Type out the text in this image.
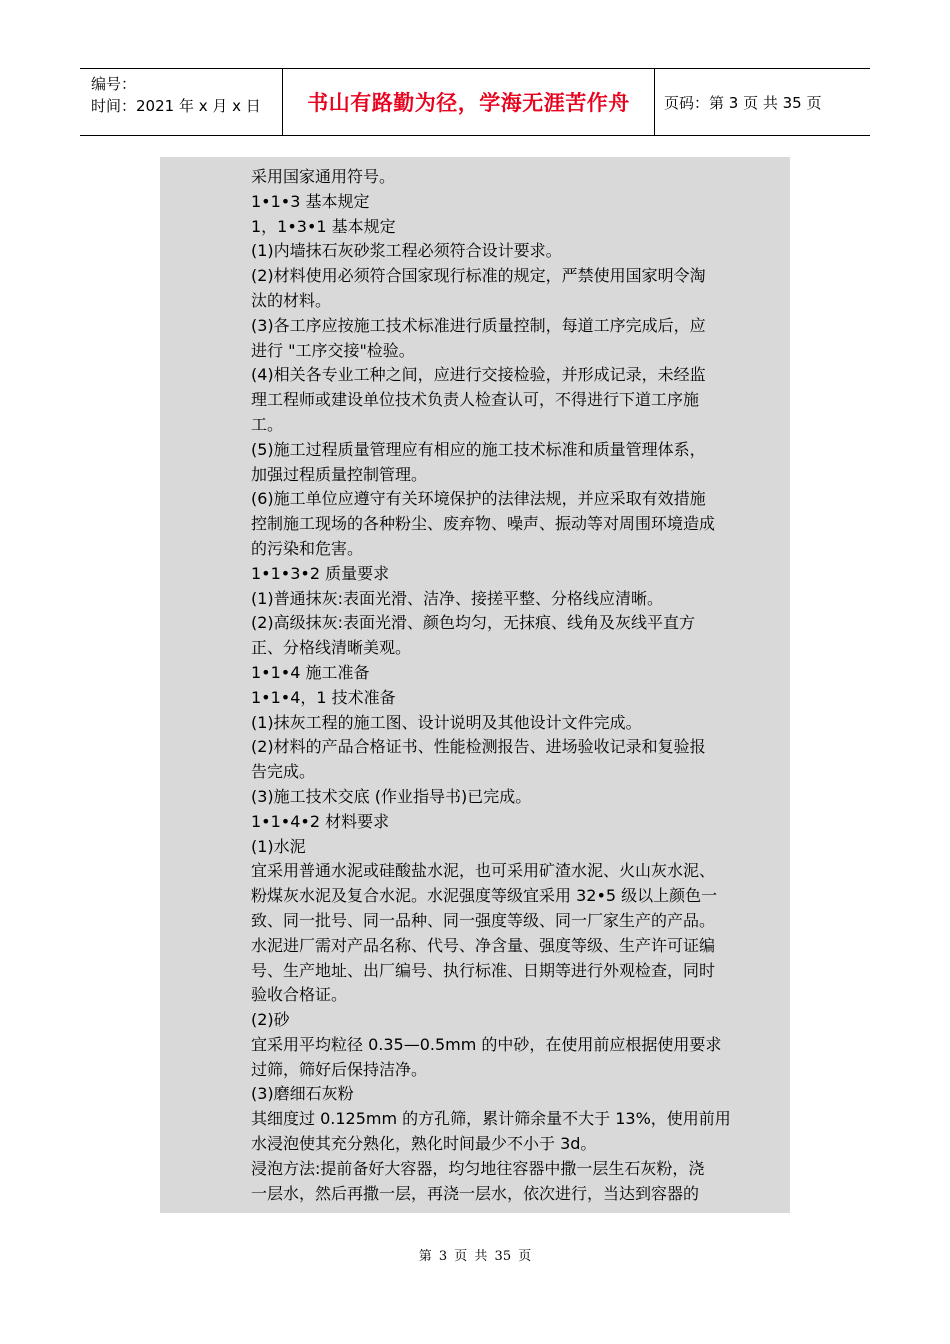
编号：
时间：2021 年 x 月 x 日	书山有路勤为径，学海无涯苦作舟 页码：第 3 页 共 35 页

采用国家通用符号。

1•1•3 基本规定

1，1•3•1 基本规定

(1)内墙抹石灰砂浆工程必须符合设计要求。

(2)材料使用必须符合国家现行标准的规定，严禁使用国家明令淘

汰的材料。

(3)各工序应按施工技术标准进行质量控制，每道工序完成后，应

进行 "工序交接"检验。

(4)相关各专业工种之间，应进行交接检验，并形成记录，未经监

理工程师或建设单位技术负责人检查认可，不得进行下道工序施

工。

(5)施工过程质量管理应有相应的施工技术标准和质量管理体系，

加强过程质量控制管理。

(6)施工单位应遵守有关环境保护的法律法规，并应采取有效措施

控制施工现场的各种粉尘、废弃物、噪声、振动等对周围环境造成

的污染和危害。

1•1•3•2 质量要求

(1)普通抹灰:表面光滑、洁净、接搓平整、分格线应清晰。

(2)高级抹灰:表面光滑、颜色均匀，无抹痕、线角及灰线平直方

正、分格线清晰美观。

1•1•4 施工准备

1•1•4，1 技术准备

(1)抹灰工程的施工图、设计说明及其他设计文件完成。

(2)材料的产品合格证书、性能检测报告、进场验收记录和复验报

告完成。

(3)施工技术交底 (作业指导书)已完成。

1•1•4•2 材料要求

(1)水泥

宜采用普通水泥或硅酸盐水泥，也可采用矿渣水泥、火山灰水泥、

粉煤灰水泥及复合水泥。水泥强度等级宜采用 32•5 级以上颜色一

致、同一批号、同一品种、同一强度等级、同一厂家生产的产品。

水泥进厂需对产品名称、代号、净含量、强度等级、生产许可证编

号、生产地址、出厂编号、执行标准、日期等进行外观检查，同时

验收合格证。

(2)砂

宜采用平均粒径 0.35—0.5mm 的中砂，在使用前应根据使用要求

过筛，筛好后保持洁净。

(3)磨细石灰粉

其细度过 0.125mm 的方孔筛，累计筛余量不大于 13%，使用前用

水浸泡使其充分熟化，熟化时间最少不小于 3d。

浸泡方法:提前备好大容器，均匀地往容器中撒一层生石灰粉，浇

一层水，然后再撒一层，再浇一层水，依次进行，当达到容器的

第 3 页 共 35 页
